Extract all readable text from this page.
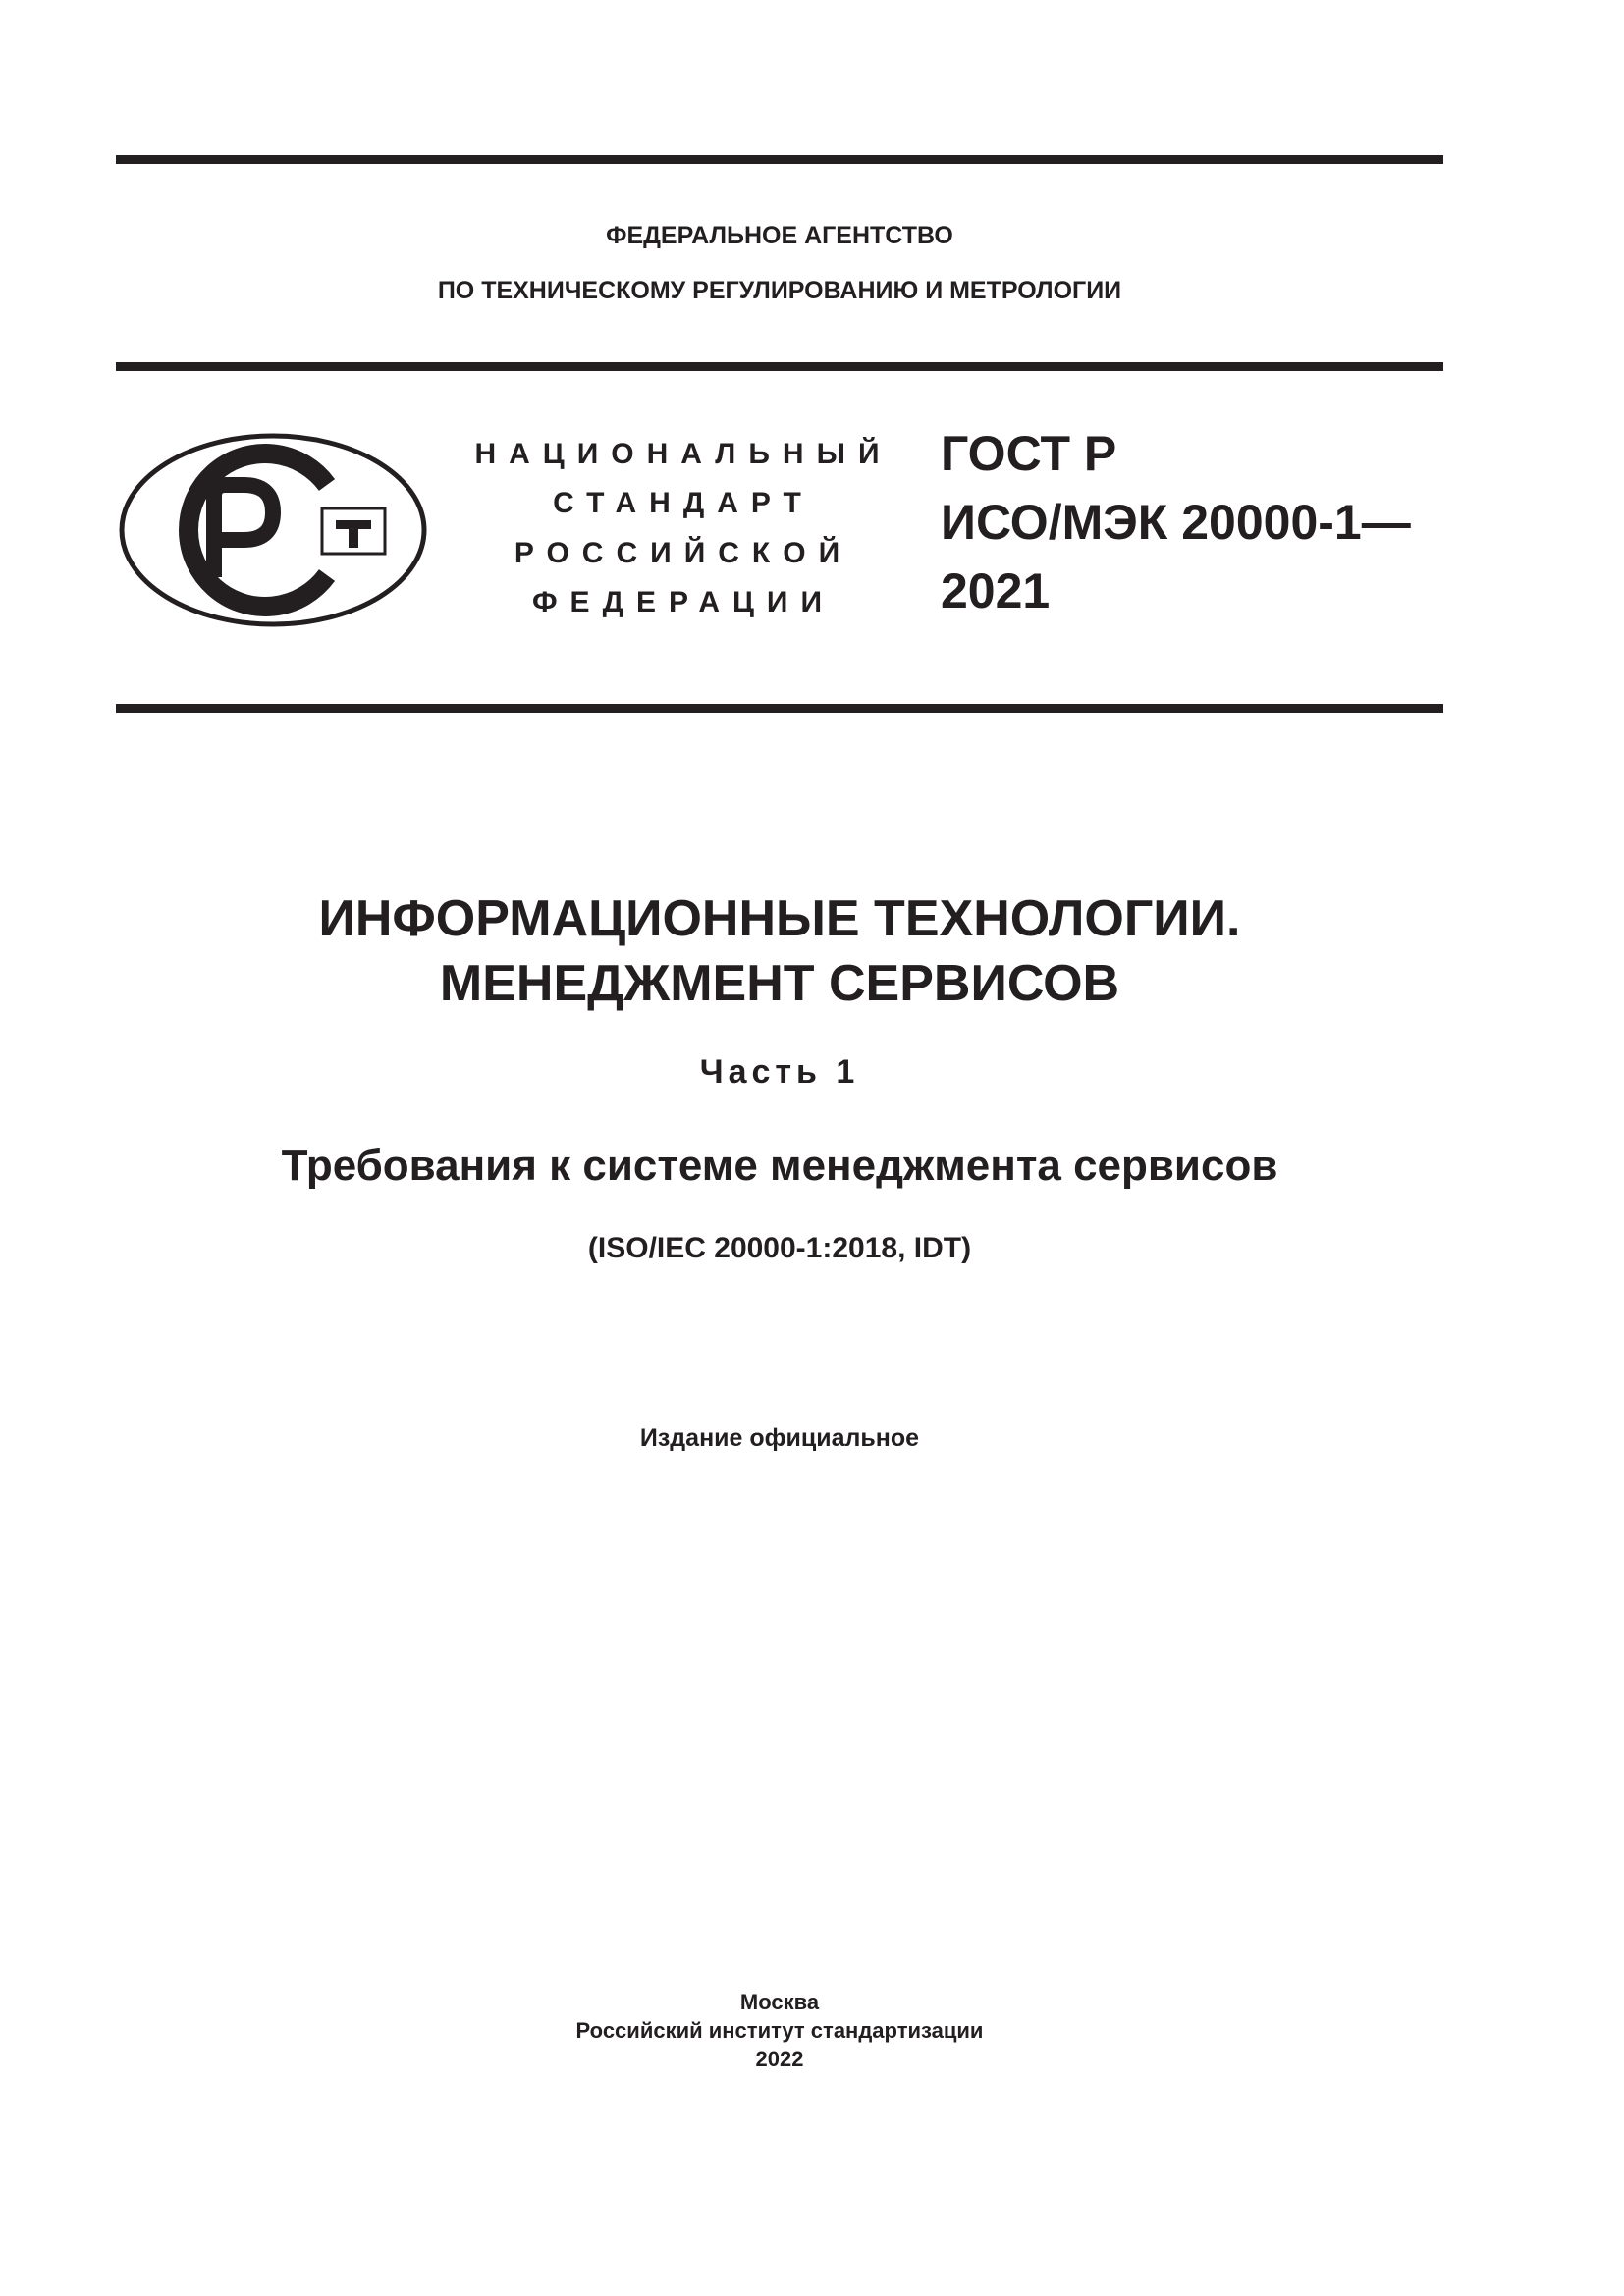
ФЕДЕРАЛЬНОЕ АГЕНТСТВО
ПО ТЕХНИЧЕСКОМУ РЕГУЛИРОВАНИЮ И МЕТРОЛОГИИ
НАЦИОНАЛЬНЫЙ
СТАНДАРТ
РОССИЙСКОЙ
ФЕДЕРАЦИИ
ГОСТ Р
ИСО/МЭК 20000-1—
2021
ИНФОРМАЦИОННЫЕ ТЕХНОЛОГИИ.
МЕНЕДЖМЕНТ СЕРВИСОВ
Часть 1
Требования к системе менеджмента сервисов
(ISO/IEC 20000-1:2018, IDT)
Издание официальное
Москва
Российский институт стандартизации
2022
